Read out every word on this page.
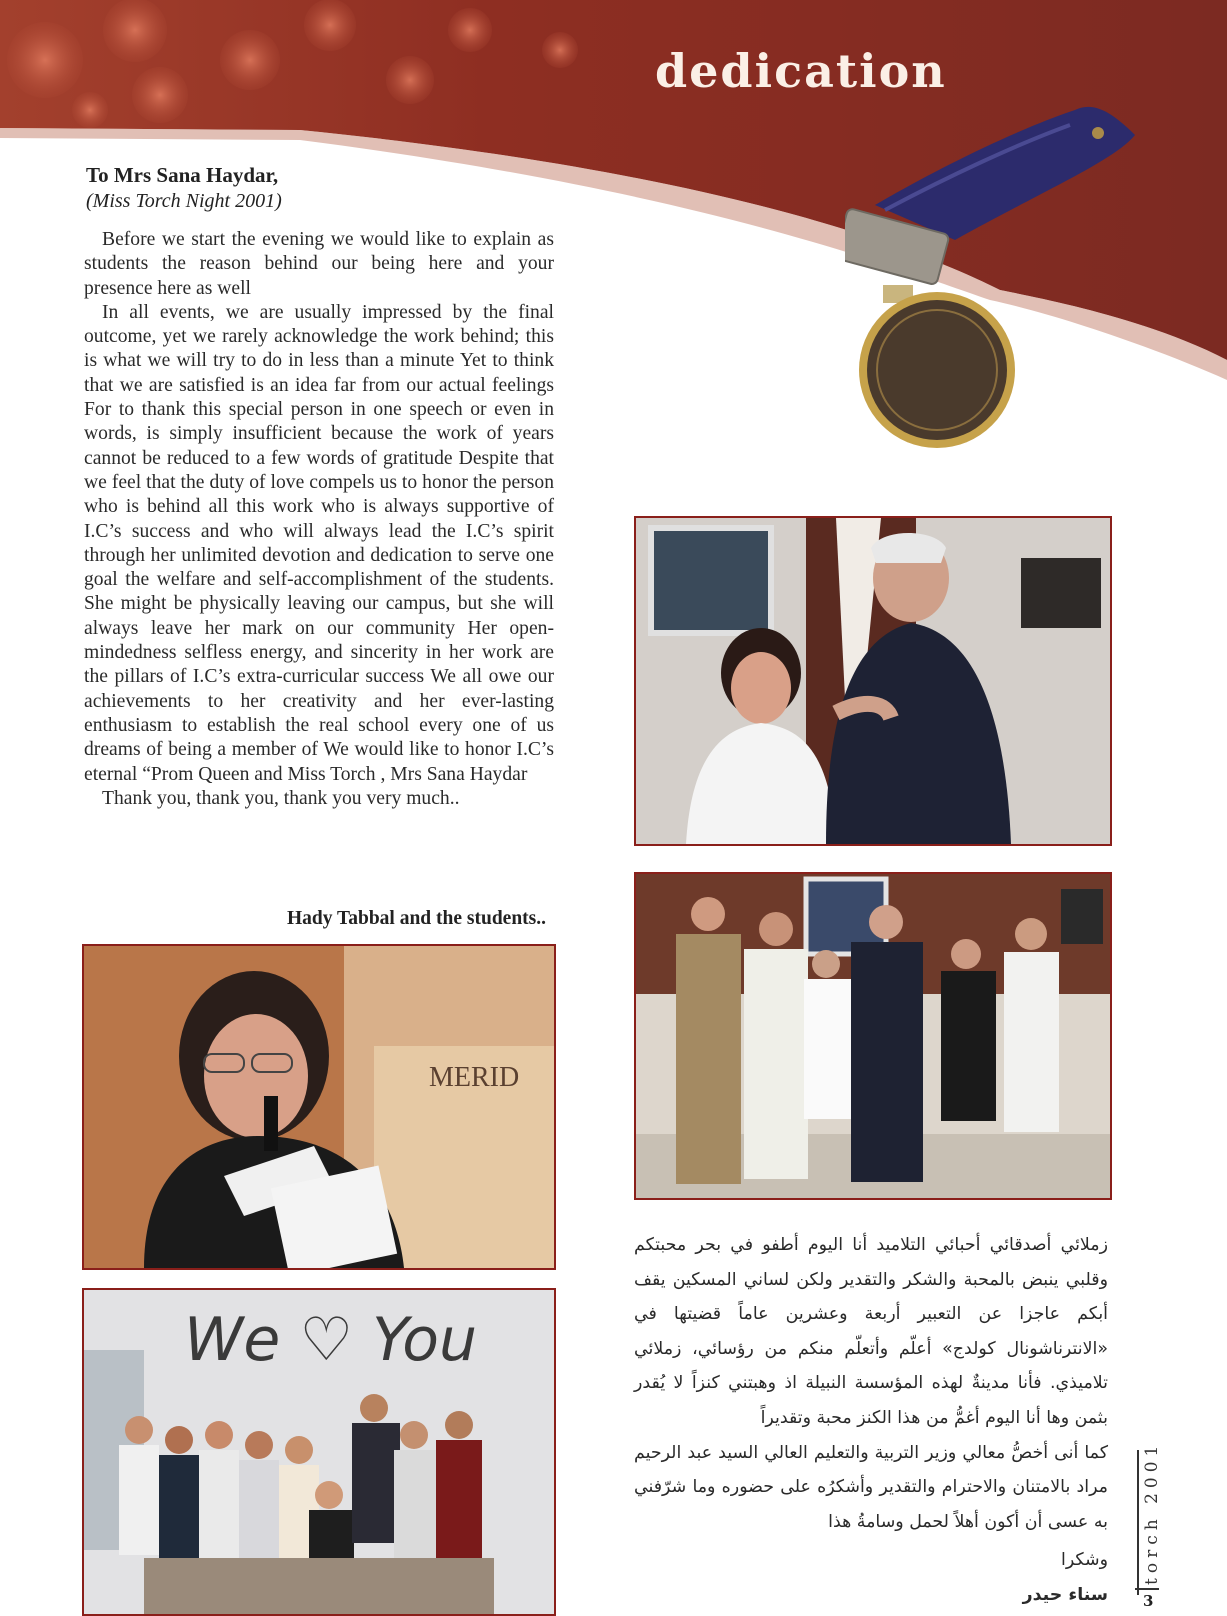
dedication
To Mrs Sana Haydar,
(Miss Torch Night 2001)

Before we start the evening we would like to explain as students the reason behind our being here and your presence here as well

In all events, we are usually impressed by the final outcome, yet we rarely acknowledge the work behind; this is what we will try to do in less than a minute Yet to think that we are satisfied is an idea far from our actual feelings For to thank this special person in one speech or even in words, is simply insufficient because the work of years cannot be reduced to a few words of gratitude Despite that we feel that the duty of love compels us to honor the person who is behind all this work who is always supportive of I.C’s success and who will always lead the I.C’s spirit through her unlimited devotion and dedication to serve one goal the welfare and self-accomplishment of the students. She might be physically leaving our campus, but she will always leave her mark on our community Her open-mindedness selfless energy, and sincerity in her work are the pillars of I.C’s extra-curricular success We all owe our achievements to her creativity and her ever-lasting enthusiasm to establish the real school every one of us dreams of being a member of We would like to honor I.C’s eternal “Prom Queen and Miss Torch , Mrs Sana Haydar

Thank you, thank you, thank you very much..

Hady Tabbal and the students..
MERID
We ♡ You

زملائي أصدقائي أحبائي التلاميد أنا اليوم أطفو في بحر محبتكم وقلبي ينبض بالمحبة والشكر والتقدير ولكن لساني المسكين يقف أبكم عاجزا عن التعبير أربعة وعشرين عاماً قضيتها في «الانترناشونال كولدج» أعلّم وأتعلّم منكم من رؤسائي، زملائي تلاميذي. فأنا مدينةٌ لهذه المؤسسة النبيلة اذ وهبتني كنزاً لا يُقدر بثمن وها أنا اليوم أغمُّ من هذا الكنز محبة وتقديراً

كما أنى أخصُّ معالي وزير التربية والتعليم العالي السيد عبد الرحيم مراد بالامتنان والاحترام والتقدير وأشكرُه على حضوره وما شرّفني به عسى أن أكون أهلاً لحمل وسامةُ هذا

وشكرا

سناء حيدر

torch 2001
3
